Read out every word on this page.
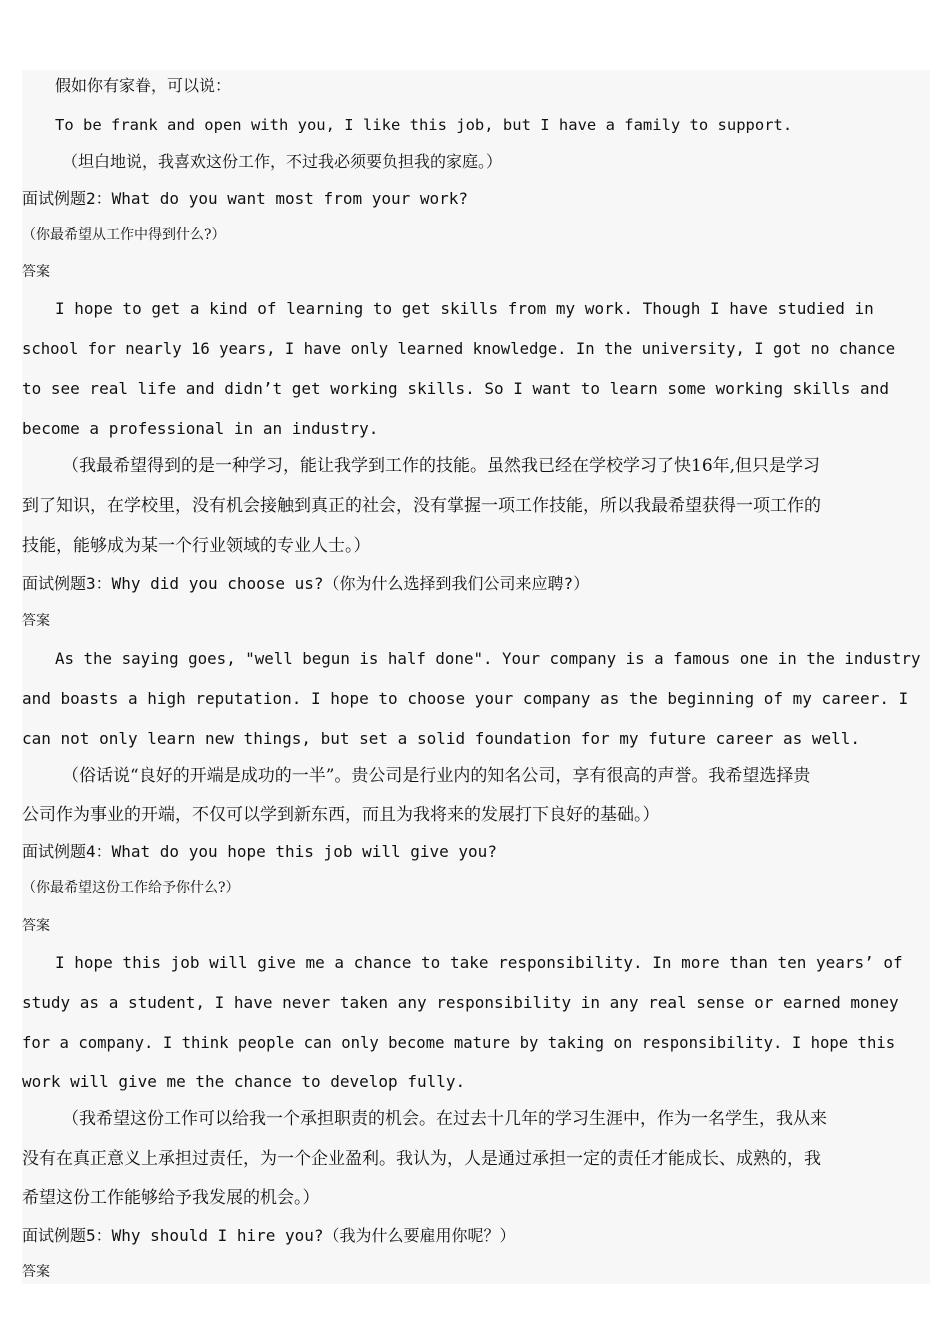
假如你有家眷，可以说：
To be frank and open with you, I like this job, but I have a family to support.
（坦白地说，我喜欢这份工作，不过我必须要负担我的家庭。）
面试例题2：What do you want most from your work?
（你最希望从工作中得到什么?）
答案
I hope to get a kind of learning to get skills from my work. Though I have studied in
school for nearly 16 years, I have only learned knowledge. In the university, I got no chance
to see real life and didn’t get working skills. So I want to learn some working skills and
become a professional in an industry.
（我最希望得到的是一种学习，能让我学到工作的技能。虽然我已经在学校学习了快16年,但只是学习
到了知识，在学校里，没有机会接触到真正的社会，没有掌握一项工作技能，所以我最希望获得一项工作的
技能，能够成为某一个行业领域的专业人士。）
面试例题3：Why did you choose us?（你为什么选择到我们公司来应聘?）
答案
As the saying goes, "well begun is half done". Your company is a famous one in the industry
and boasts a high reputation. I hope to choose your company as the beginning of my career. I
can not only learn new things, but set a solid foundation for my future career as well.
（俗话说“良好的开端是成功的一半”。贵公司是行业内的知名公司，享有很高的声誉。我希望选择贵
公司作为事业的开端，不仅可以学到新东西，而且为我将来的发展打下良好的基础。）
面试例题4：What do you hope this job will give you?
（你最希望这份工作给予你什么?）
答案
I hope this job will give me a chance to take responsibility. In more than ten years’ of
study as a student, I have never taken any responsibility in any real sense or earned money
for a company. I think people can only become mature by taking on responsibility. I hope this
work will give me the chance to develop fully.
（我希望这份工作可以给我一个承担职责的机会。在过去十几年的学习生涯中，作为一名学生，我从来
没有在真正意义上承担过责任，为一个企业盈利。我认为，人是通过承担一定的责任才能成长、成熟的，我
希望这份工作能够给予我发展的机会。）
面试例题5：Why should I hire you?（我为什么要雇用你呢？）
答案
